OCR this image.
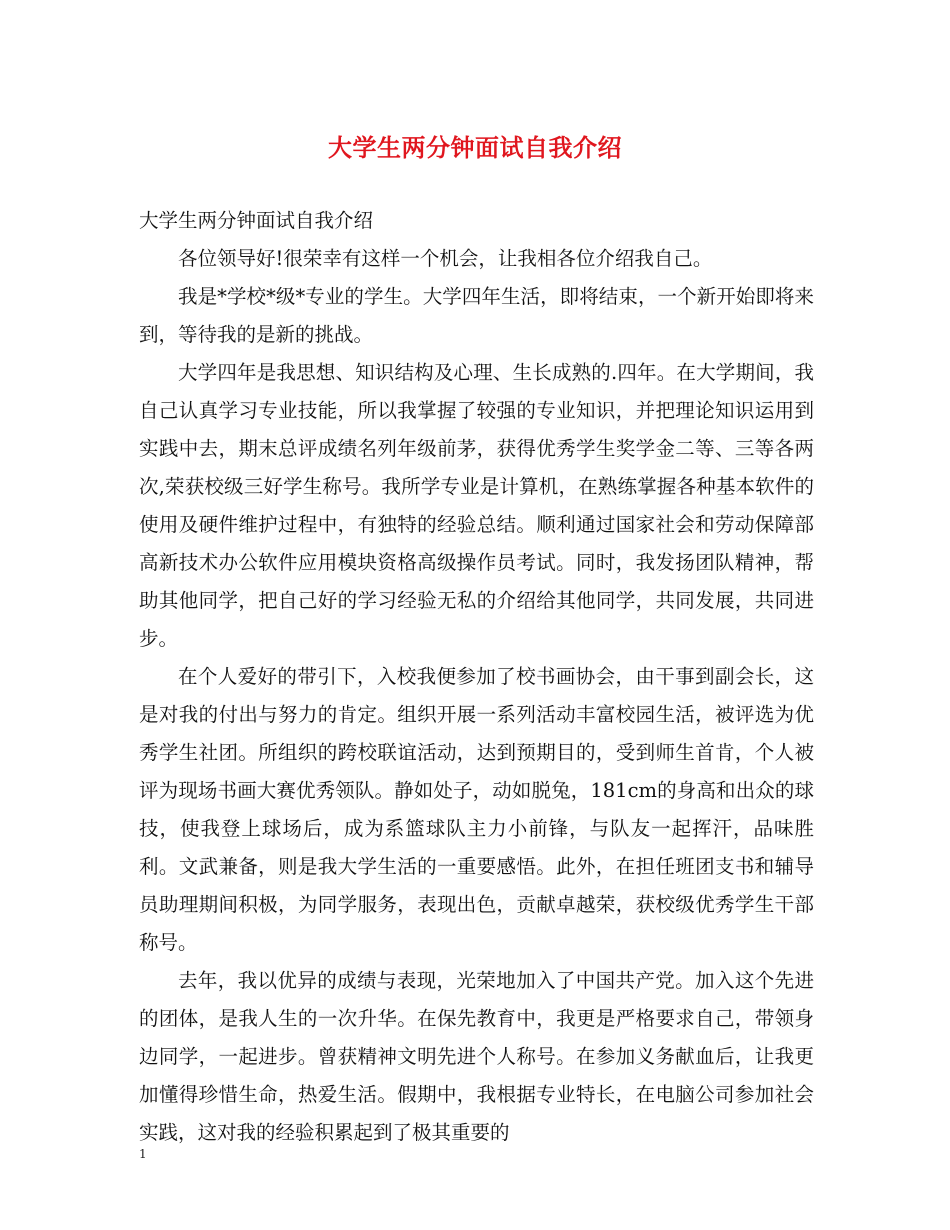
大学生两分钟面试自我介绍

大学生两分钟面试自我介绍

各位领导好!很荣幸有这样一个机会，让我相各位介绍我自己。

我是*学校*级*专业的学生。大学四年生活，即将结束，一个新开始即将来到，等待我的是新的挑战。

大学四年是我思想、知识结构及心理、生长成熟的.四年。在大学期间，我自己认真学习专业技能，所以我掌握了较强的专业知识，并把理论知识运用到实践中去，期末总评成绩名列年级前茅，获得优秀学生奖学金二等、三等各两次,荣获校级三好学生称号。我所学专业是计算机，在熟练掌握各种基本软件的使用及硬件维护过程中，有独特的经验总结。顺利通过国家社会和劳动保障部高新技术办公软件应用模块资格高级操作员考试。同时，我发扬团队精神，帮助其他同学，把自己好的学习经验无私的介绍给其他同学，共同发展，共同进步。

在个人爱好的带引下，入校我便参加了校书画协会，由干事到副会长，这是对我的付出与努力的肯定。组织开展一系列活动丰富校园生活，被评选为优秀学生社团。所组织的跨校联谊活动，达到预期目的，受到师生首肯，个人被评为现场书画大赛优秀领队。静如处子，动如脱兔，181cm的身高和出众的球技，使我登上球场后，成为系篮球队主力小前锋，与队友一起挥汗，品味胜利。文武兼备，则是我大学生活的一重要感悟。此外，在担任班团支书和辅导员助理期间积极，为同学服务，表现出色，贡献卓越荣，获校级优秀学生干部称号。

去年，我以优异的成绩与表现，光荣地加入了中国共产党。加入这个先进的团体，是我人生的一次升华。在保先教育中，我更是严格要求自己，带领身边同学，一起进步。曾获精神文明先进个人称号。在参加义务献血后，让我更加懂得珍惜生命，热爱生活。假期中，我根据专业特长，在电脑公司参加社会实践，这对我的经验积累起到了极其重要的

1
